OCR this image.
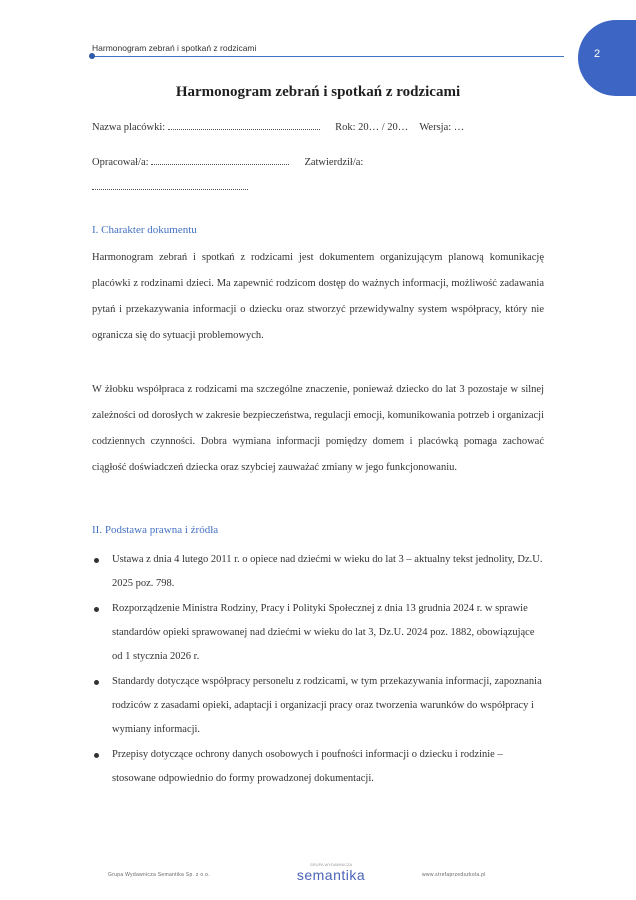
Harmonogram zebrań i spotkań z rodzicami	2
Harmonogram zebrań i spotkań z rodzicami
Nazwa placówki:	Rok: 20… / 20… Wersja: …
Opracował/a:	Zatwierdził/a:
I. Charakter dokumentu

Harmonogram zebrań i spotkań z rodzicami jest dokumentem organizującym planową komunikację placówki z rodzinami dzieci. Ma zapewnić rodzicom dostęp do ważnych informacji, możliwość zadawania pytań i przekazywania informacji o dziecku oraz stworzyć przewidywalny system współpracy, który nie ogranicza się do sytuacji problemowych.

W żłobku współpraca z rodzicami ma szczególne znaczenie, ponieważ dziecko do lat 3 pozostaje w silnej zależności od dorosłych w zakresie bezpieczeństwa, regulacji emocji, komunikowania potrzeb i organizacji codziennych czynności. Dobra wymiana informacji pomiędzy domem i placówką pomaga zachować ciągłość doświadczeń dziecka oraz szybciej zauważać zmiany w jego funkcjonowaniu.

II. Podstawa prawna i źródła
Ustawa z dnia 4 lutego 2011 r. o opiece nad dziećmi w wieku do lat 3 – aktualny tekst jednolity, Dz.U. 2025 poz. 798.
Rozporządzenie Ministra Rodziny, Pracy i Polityki Społecznej z dnia 13 grudnia 2024 r. w sprawie standardów opieki sprawowanej nad dziećmi w wieku do lat 3, Dz.U. 2024 poz. 1882, obowiązujące od 1 stycznia 2026 r.
Standardy dotyczące współpracy personelu z rodzicami, w tym przekazywania informacji, zapoznania rodziców z zasadami opieki, adaptacji i organizacji pracy oraz tworzenia warunków do współpracy i wymiany informacji.
Przepisy dotyczące ochrony danych osobowych i poufności informacji o dziecku i rodzinie – stosowane odpowiednio do formy prowadzonej dokumentacji.
Grupa Wydawnicza Semantika Sp. z o.o.
GRUPA WYDAWNICZA
semantika	www.strefaprzedszkola.pl
